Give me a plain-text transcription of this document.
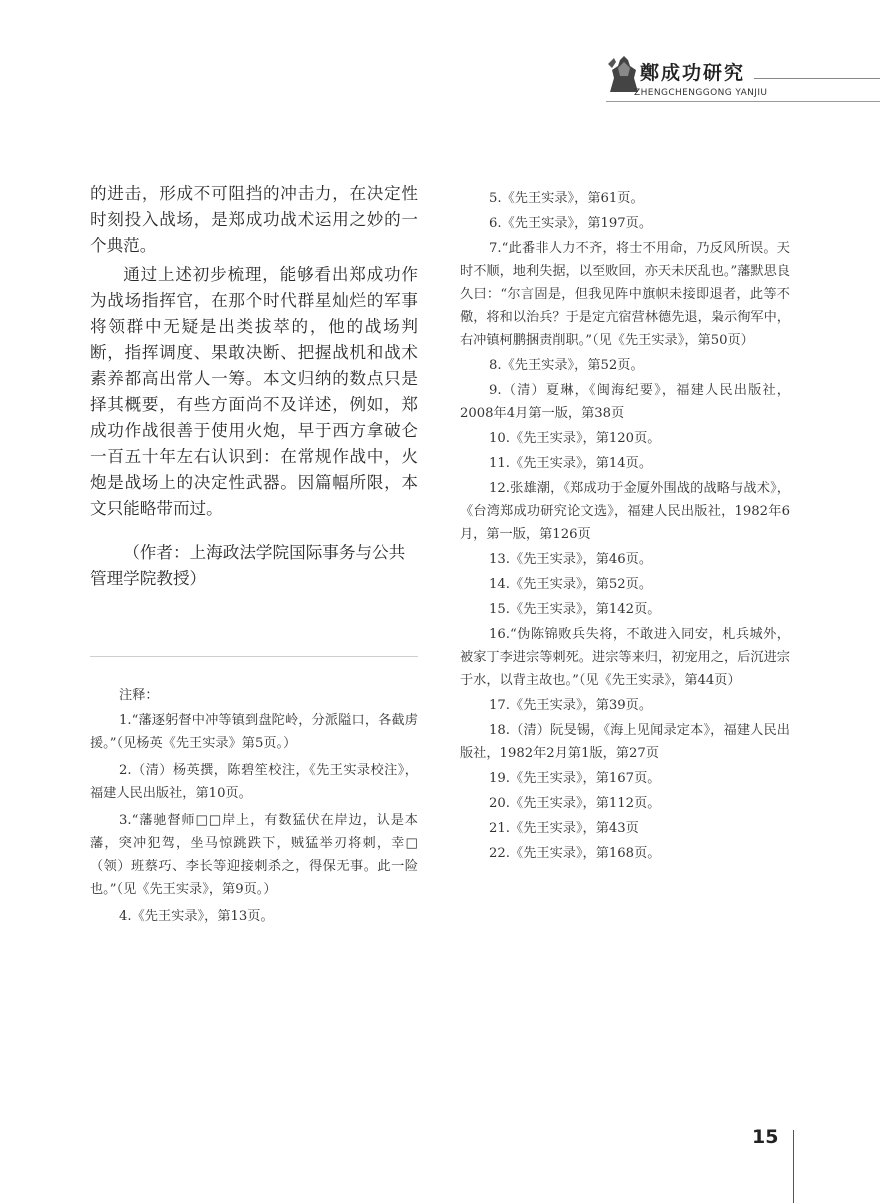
鄭成功研究
ZHENGCHENGGONG YANJIU

的进击，形成不可阻挡的冲击力，在决定性时刻投入战场，是郑成功战术运用之妙的一个典范。

通过上述初步梳理，能够看出郑成功作为战场指挥官，在那个时代群星灿烂的军事将领群中无疑是出类拔萃的，他的战场判断，指挥调度、果敢决断、把握战机和战术素养都高出常人一筹。本文归纳的数点只是择其概要，有些方面尚不及详述，例如，郑成功作战很善于使用火炮，早于西方拿破仑一百五十年左右认识到：在常规作战中，火炮是战场上的决定性武器。因篇幅所限，本文只能略带而过。

（作者：上海政法学院国际事务与公共管理学院教授）

注释：

1.“藩逐躬督中冲等镇到盘陀岭，分派隘口，各截虏援。”（见杨英《先王实录》第5页。）

2.（清）杨英撰，陈碧笙校注，《先王实录校注》，福建人民出版社，第10页。

3.“藩驰督师□□岸上，有数猛伏在岸边，认是本藩，突冲犯驾，坐马惊跳跌下，贼猛举刃将刺，幸□（领）班蔡巧、李长等迎接刺杀之，得保无事。此一险也。”（见《先王实录》，第9页。）

4.《先王实录》，第13页。

5.《先王实录》，第61页。

6.《先王实录》，第197页。

7.“此番非人力不齐，将士不用命，乃反风所误。天时不顺，地利失据，以至败回，亦天未厌乱也。”藩默思良久曰：“尔言固是，但我见阵中旗帜未接即退者，此等不儆，将和以治兵？于是定亢宿营林德先退，枭示徇军中，右冲镇柯鹏捆责削职。”（见《先王实录》，第50页）

8.《先王实录》，第52页。

9.（清）夏琳，《闽海纪要》，福建人民出版社，2008年4月第一版，第38页

10.《先王实录》，第120页。

11.《先王实录》，第14页。

12.张雄潮，《郑成功于金厦外围战的战略与战术》，《台湾郑成功研究论文选》，福建人民出版社，1982年6月，第一版，第126页

13.《先王实录》，第46页。

14.《先王实录》，第52页。

15.《先王实录》，第142页。

16.“伪陈锦败兵失将，不敢进入同安，札兵城外，被家丁李进宗等刺死。进宗等来归，初宠用之，后沉进宗于水，以背主故也。”（见《先王实录》，第44页）

17.《先王实录》，第39页。

18.（清）阮旻锡，《海上见闻录定本》，福建人民出版社，1982年2月第1版，第27页

19.《先王实录》，第167页。

20.《先王实录》，第112页。

21.《先王实录》，第43页

22.《先王实录》，第168页。

15
